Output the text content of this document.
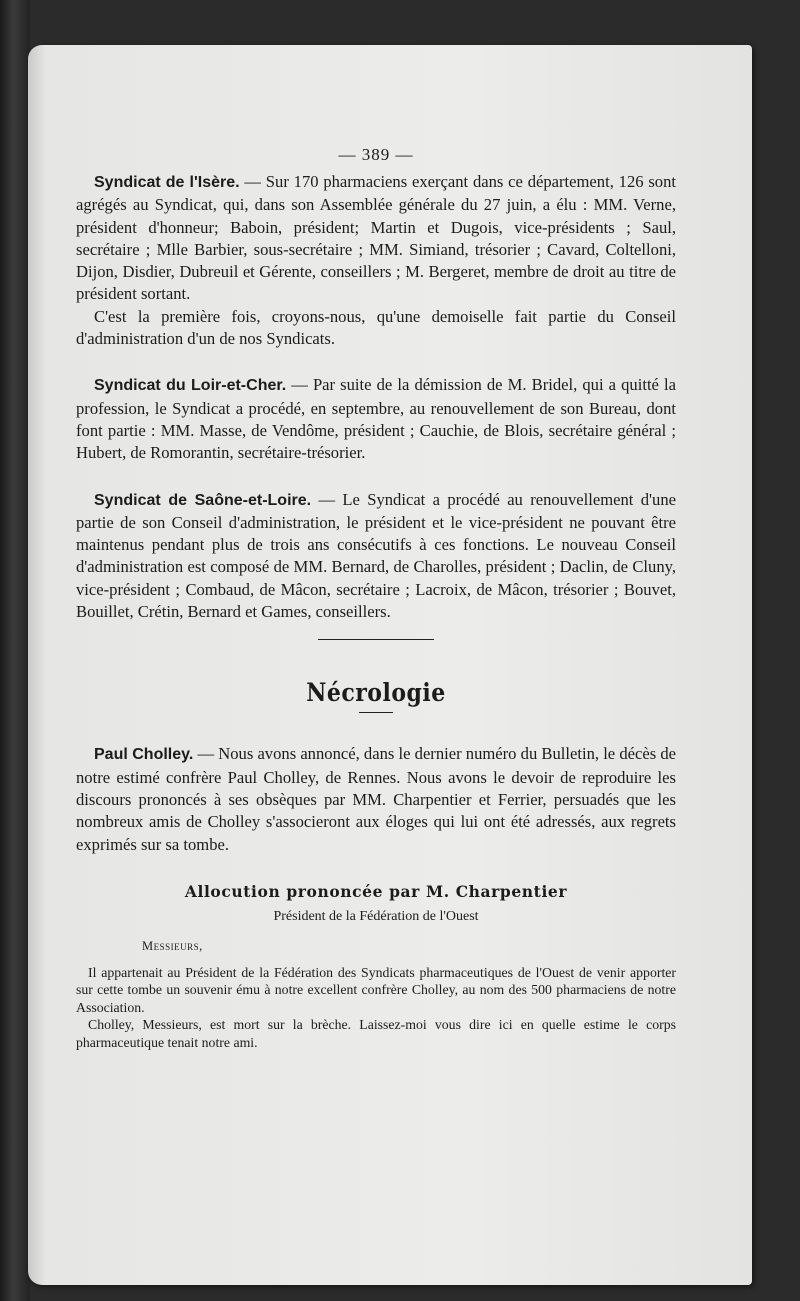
— 389 —

Syndicat de l'Isère. — Sur 170 pharmaciens exerçant dans ce département, 126 sont agrégés au Syndicat, qui, dans son Assemblée générale du 27 juin, a élu : MM. Verne, président d'honneur; Baboin, président; Martin et Dugois, vice-présidents ; Saul, secrétaire ; Mlle Barbier, sous-secrétaire ; MM. Simiand, trésorier ; Cavard, Coltelloni, Dijon, Disdier, Dubreuil et Gérente, conseillers ; M. Bergeret, membre de droit au titre de président sortant.

C'est la première fois, croyons-nous, qu'une demoiselle fait partie du Conseil d'administration d'un de nos Syndicats.

Syndicat du Loir-et-Cher. — Par suite de la démission de M. Bridel, qui a quitté la profession, le Syndicat a procédé, en septembre, au renouvellement de son Bureau, dont font partie : MM. Masse, de Vendôme, président ; Cauchie, de Blois, secrétaire général ; Hubert, de Romorantin, secrétaire-trésorier.

Syndicat de Saône-et-Loire. — Le Syndicat a procédé au renouvellement d'une partie de son Conseil d'administration, le président et le vice-président ne pouvant être maintenus pendant plus de trois ans consécutifs à ces fonctions. Le nouveau Conseil d'administration est composé de MM. Bernard, de Charolles, président ; Daclin, de Cluny, vice-président ; Combaud, de Mâcon, secrétaire ; Lacroix, de Mâcon, trésorier ; Bouvet, Bouillet, Crétin, Bernard et Games, conseillers.

Nécrologie

Paul Cholley. — Nous avons annoncé, dans le dernier numéro du Bulletin, le décès de notre estimé confrère Paul Cholley, de Rennes. Nous avons le devoir de reproduire les discours prononcés à ses obsèques par MM. Charpentier et Ferrier, persuadés que les nombreux amis de Cholley s'associeront aux éloges qui lui ont été adressés, aux regrets exprimés sur sa tombe.

Allocution prononcée par M. Charpentier
Président de la Fédération de l'Ouest
Messieurs,

Il appartenait au Président de la Fédération des Syndicats pharmaceutiques de l'Ouest de venir apporter sur cette tombe un souvenir ému à notre excellent confrère Cholley, au nom des 500 pharmaciens de notre Association.

Cholley, Messieurs, est mort sur la brèche. Laissez-moi vous dire ici en quelle estime le corps pharmaceutique tenait notre ami.
